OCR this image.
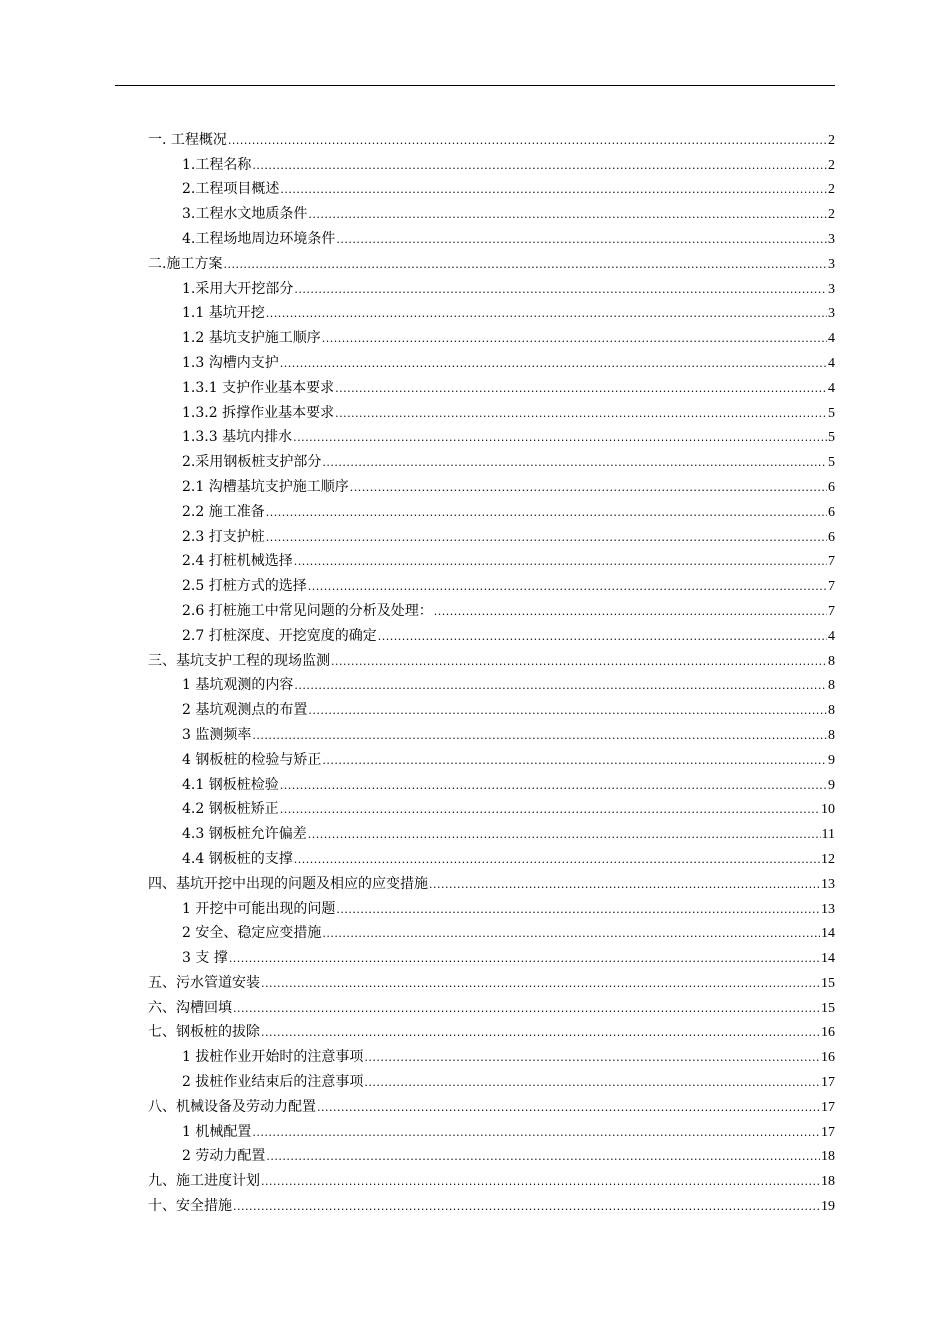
一. 工程概况 .....	2
1.工程名称 .....	2
2.工程项目概述 .....	2
3.工程水文地质条件 .....	2
4.工程场地周边环境条件 .....	3
二.施工方案 .....	3
1.采用大开挖部分 .....	3
1.1 基坑开挖 .....	3
1.2 基坑支护施工顺序 .....	4
1.3 沟槽内支护 .....	4
1.3.1 支护作业基本要求 .....	4
1.3.2 拆撑作业基本要求 .....	5
1.3.3 基坑内排水 .....	5
2.采用钢板桩支护部分 .....	5
2.1 沟槽基坑支护施工顺序 .....	6
2.2 施工准备 .....	6
2.3 打支护桩 .....	6
2.4 打桩机械选择 .....	7
2.5 打桩方式的选择 .....	7
2.6 打桩施工中常见问题的分析及处理： .....	7
2.7 打桩深度、开挖宽度的确定 .....	4
三、基坑支护工程的现场监测 .....	8
1 基坑观测的内容 .....	8
2 基坑观测点的布置 .....	8
3 监测频率 .....	8
4 钢板桩的检验与矫正 .....	9
4.1 钢板桩检验 .....	9
4.2 钢板桩矫正 .....	10
4.3 钢板桩允许偏差 .....	11
4.4 钢板桩的支撑 .....	12
四、基坑开挖中出现的问题及相应的应变措施 .....	13
1 开挖中可能出现的问题 .....	13
2 安全、稳定应变措施 .....	14
3 支 撑 .....	14
五、污水管道安装 .....	15
六、沟槽回填 .....	15
七、钢板桩的拔除 .....	16
1 拔桩作业开始时的注意事项 .....	16
2 拔桩作业结束后的注意事项 .....	17
八、机械设备及劳动力配置 .....	17
1 机械配置 .....	17
2 劳动力配置 .....	18
九、施工进度计划 .....	18
十、安全措施 .....	19
